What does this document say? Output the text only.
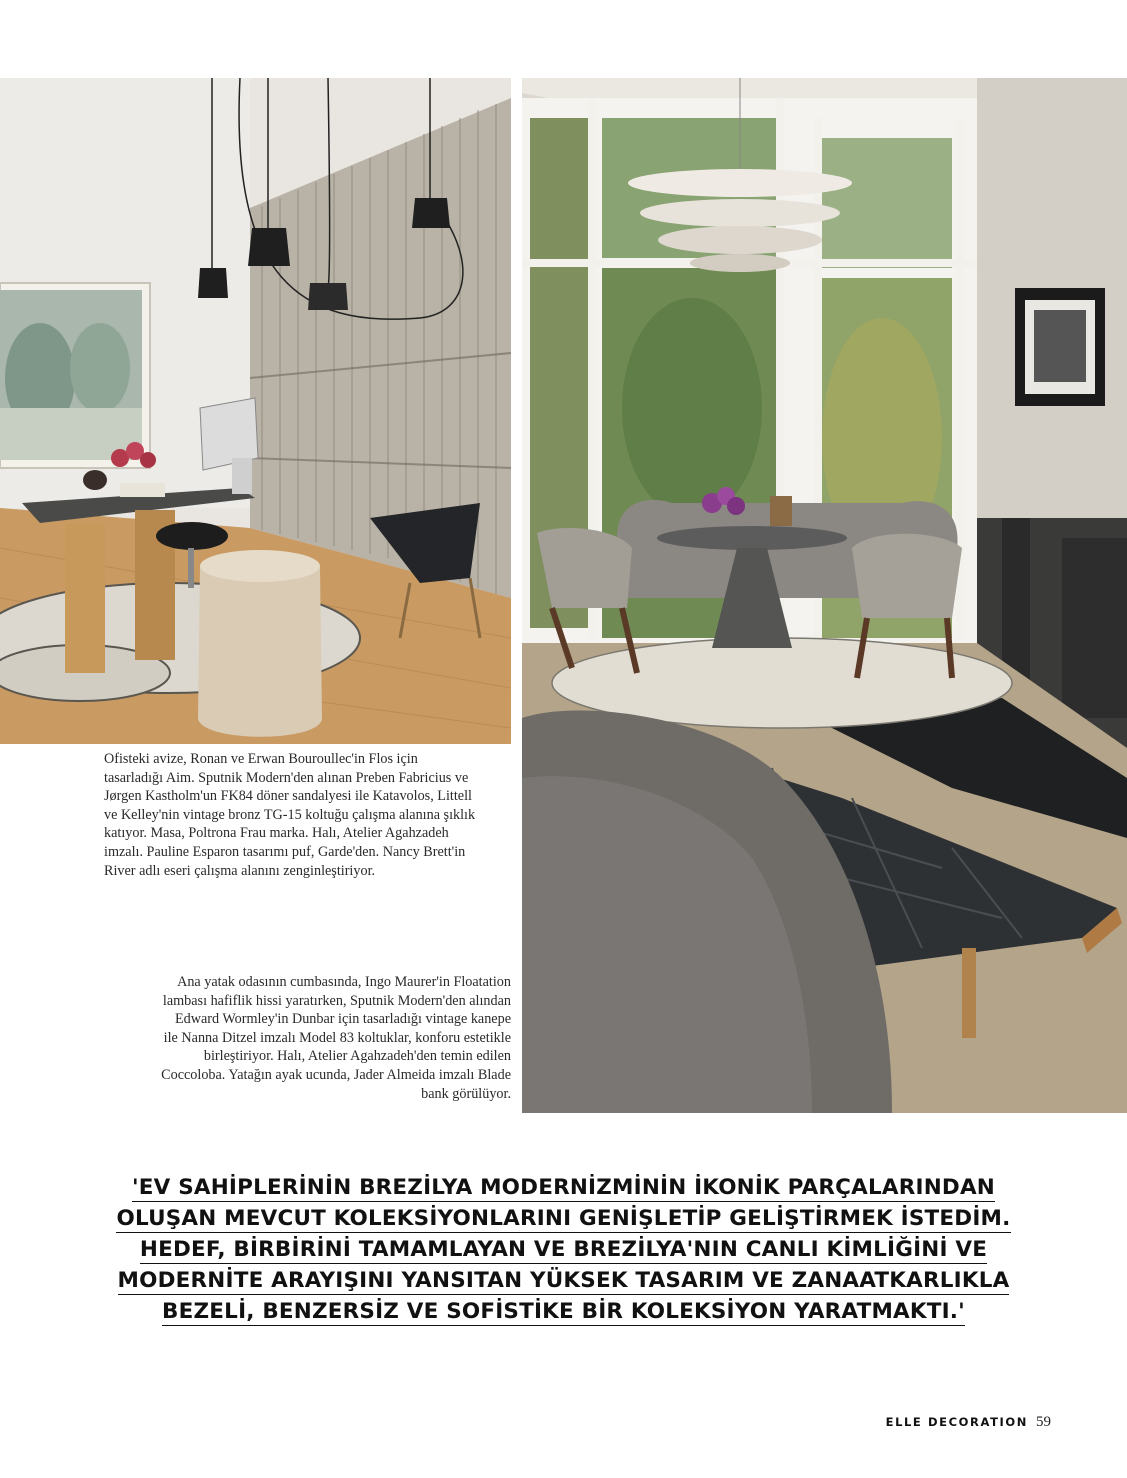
Ofisteki avize, Ronan ve Erwan Bouroullec'in Flos için tasarladığı Aim. Sputnik Modern'den alınan Preben Fabricius ve Jørgen Kastholm'un FK84 döner sandalyesi ile Katavolos, Littell ve Kelley'nin vintage bronz TG-15 koltuğu çalışma alanına şıklık katıyor. Masa, Poltrona Frau marka. Halı, Atelier Agahzadeh imzalı. Pauline Esparon tasarımı puf, Garde'den. Nancy Brett'in River adlı eseri çalışma alanını zenginleştiriyor.

Ana yatak odasının cumbasında, Ingo Maurer'in Floatation lambası hafiflik hissi yaratırken, Sputnik Modern'den alından Edward Wormley'in Dunbar için tasarladığı vintage kanepe ile Nanna Ditzel imzalı Model 83 koltuklar, konforu estetikle birleştiriyor. Halı, Atelier Agahzadeh'den temin edilen Coccoloba. Yatağın ayak ucunda, Jader Almeida imzalı Blade bank görülüyor.

'EV SAHİPLERİNİN BREZİLYA MODERNİZMİNİN İKONİK PARÇALARINDAN OLUŞAN MEVCUT KOLEKSİYONLARINI GENİŞLETİP GELİŞTİRMEK İSTEDİM. HEDEF, BİRBİRİNİ TAMAMLAYAN VE BREZİLYA'NIN CANLI KİMLİĞİNİ VE MODERNİTE ARAYIŞINI YANSITAN YÜKSEK TASARIM VE ZANAATKARLIKLA BEZELİ, BENZERSİZ VE SOFİSTİKE BİR KOLEKSİYON YARATMAKTI.'

ELLE DECORATION 59
